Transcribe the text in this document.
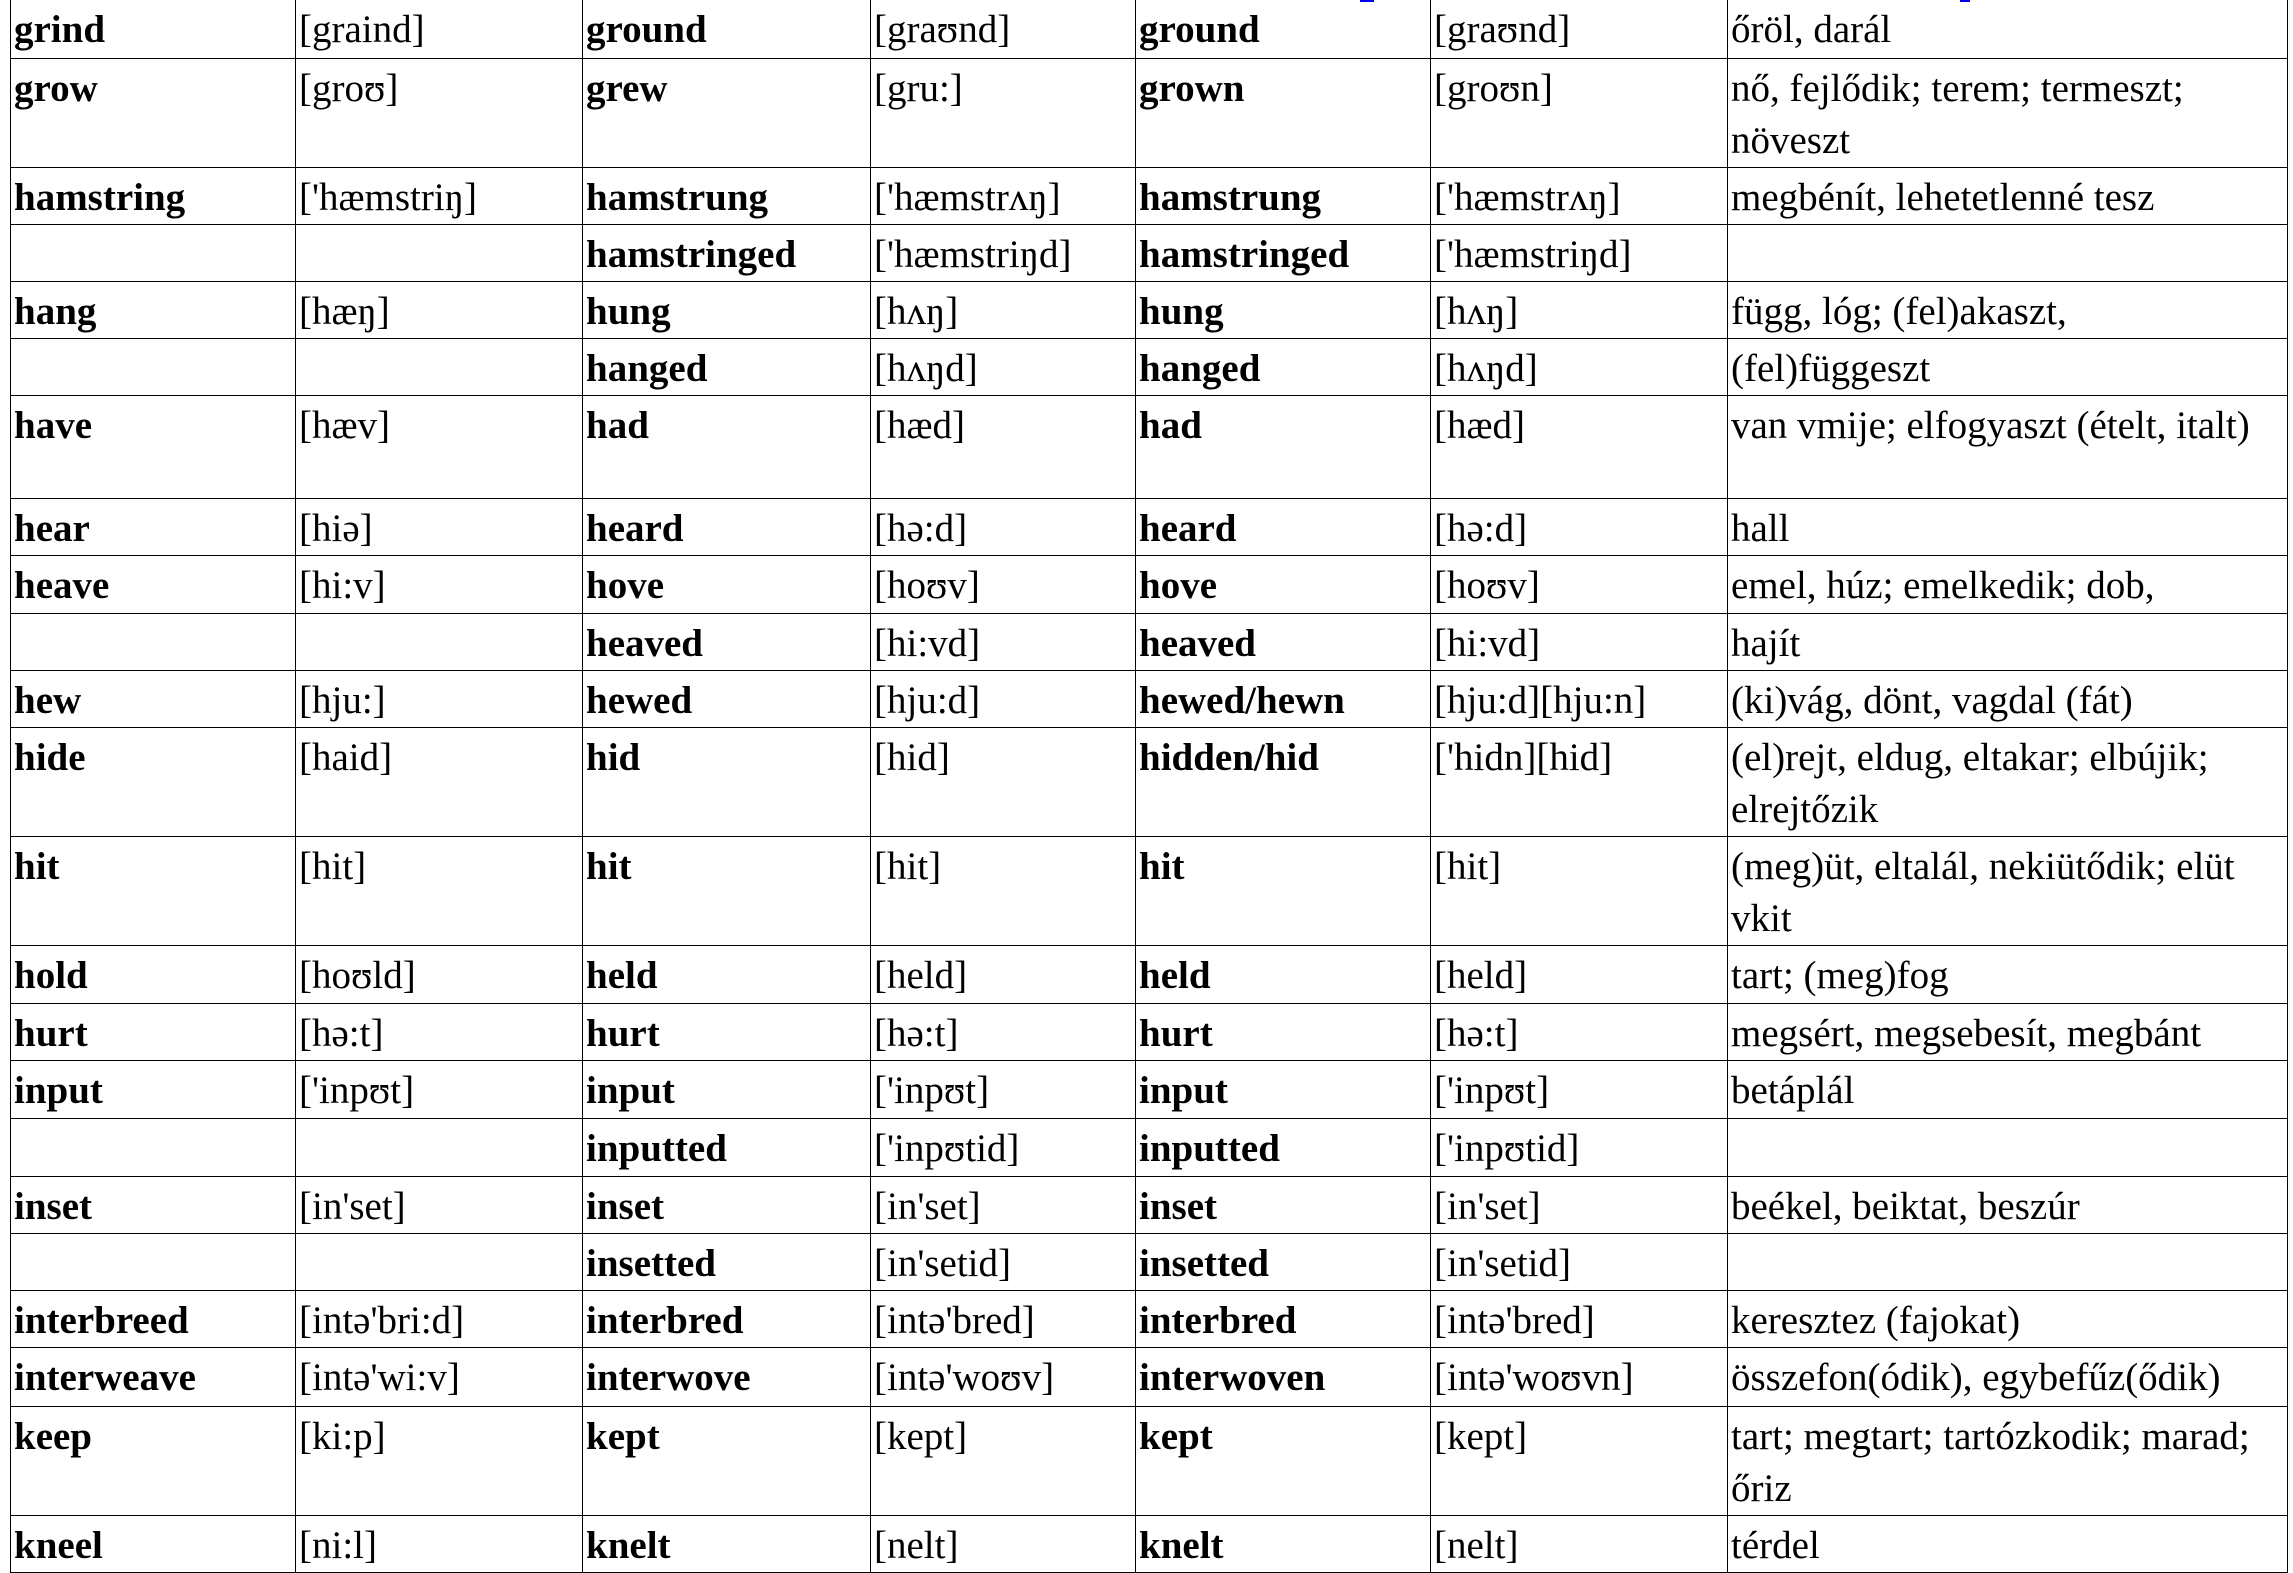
grind	[graind]	ground	[graʊnd]	ground	[graʊnd]	őröl, darál
grow	[groʊ]	grew	[gru:]	grown	[groʊn]	nő, fejlődik; terem; termeszt; növeszt
hamstring	['hæmstriŋ]	hamstrung	['hæmstrʌŋ]	hamstrung	['hæmstrʌŋ]	megbénít, lehetetlenné tesz
		hamstringed	['hæmstriŋd]	hamstringed	['hæmstriŋd]	
hang	[hæŋ]	hung	[hʌŋ]	hung	[hʌŋ]	függ, lóg; (fel)akaszt,
		hanged	[hʌŋd]	hanged	[hʌŋd]	(fel)függeszt
have	[hæv]	had	[hæd]	had	[hæd]	van vmije; elfogyaszt (ételt, italt)
hear	[hiə]	heard	[hə:d]	heard	[hə:d]	hall
heave	[hi:v]	hove	[hoʊv]	hove	[hoʊv]	emel, húz; emelkedik; dob,
		heaved	[hi:vd]	heaved	[hi:vd]	hajít
hew	[hju:]	hewed	[hju:d]	hewed/hewn	[hju:d][hju:n]	(ki)vág, dönt, vagdal (fát)
hide	[haid]	hid	[hid]	hidden/hid	['hidn][hid]	(el)rejt, eldug, eltakar; elbújik; elrejtőzik
hit	[hit]	hit	[hit]	hit	[hit]	(meg)üt, eltalál, nekiütődik; elüt vkit
hold	[hoʊld]	held	[held]	held	[held]	tart; (meg)fog
hurt	[hə:t]	hurt	[hə:t]	hurt	[hə:t]	megsért, megsebesít, megbánt
input	['inpʊt]	input	['inpʊt]	input	['inpʊt]	betáplál
		inputted	['inpʊtid]	inputted	['inpʊtid]	
inset	[in'set]	inset	[in'set]	inset	[in'set]	beékel, beiktat, beszúr
		insetted	[in'setid]	insetted	[in'setid]	
interbreed	[intə'bri:d]	interbred	[intə'bred]	interbred	[intə'bred]	keresztez (fajokat)
interweave	[intə'wi:v]	interwove	[intə'woʊv]	interwoven	[intə'woʊvn]	összefon(ódik), egybefűz(ődik)
keep	[ki:p]	kept	[kept]	kept	[kept]	tart; megtart; tartózkodik; marad; őriz
kneel	[ni:l]	knelt	[nelt]	knelt	[nelt]	térdel
